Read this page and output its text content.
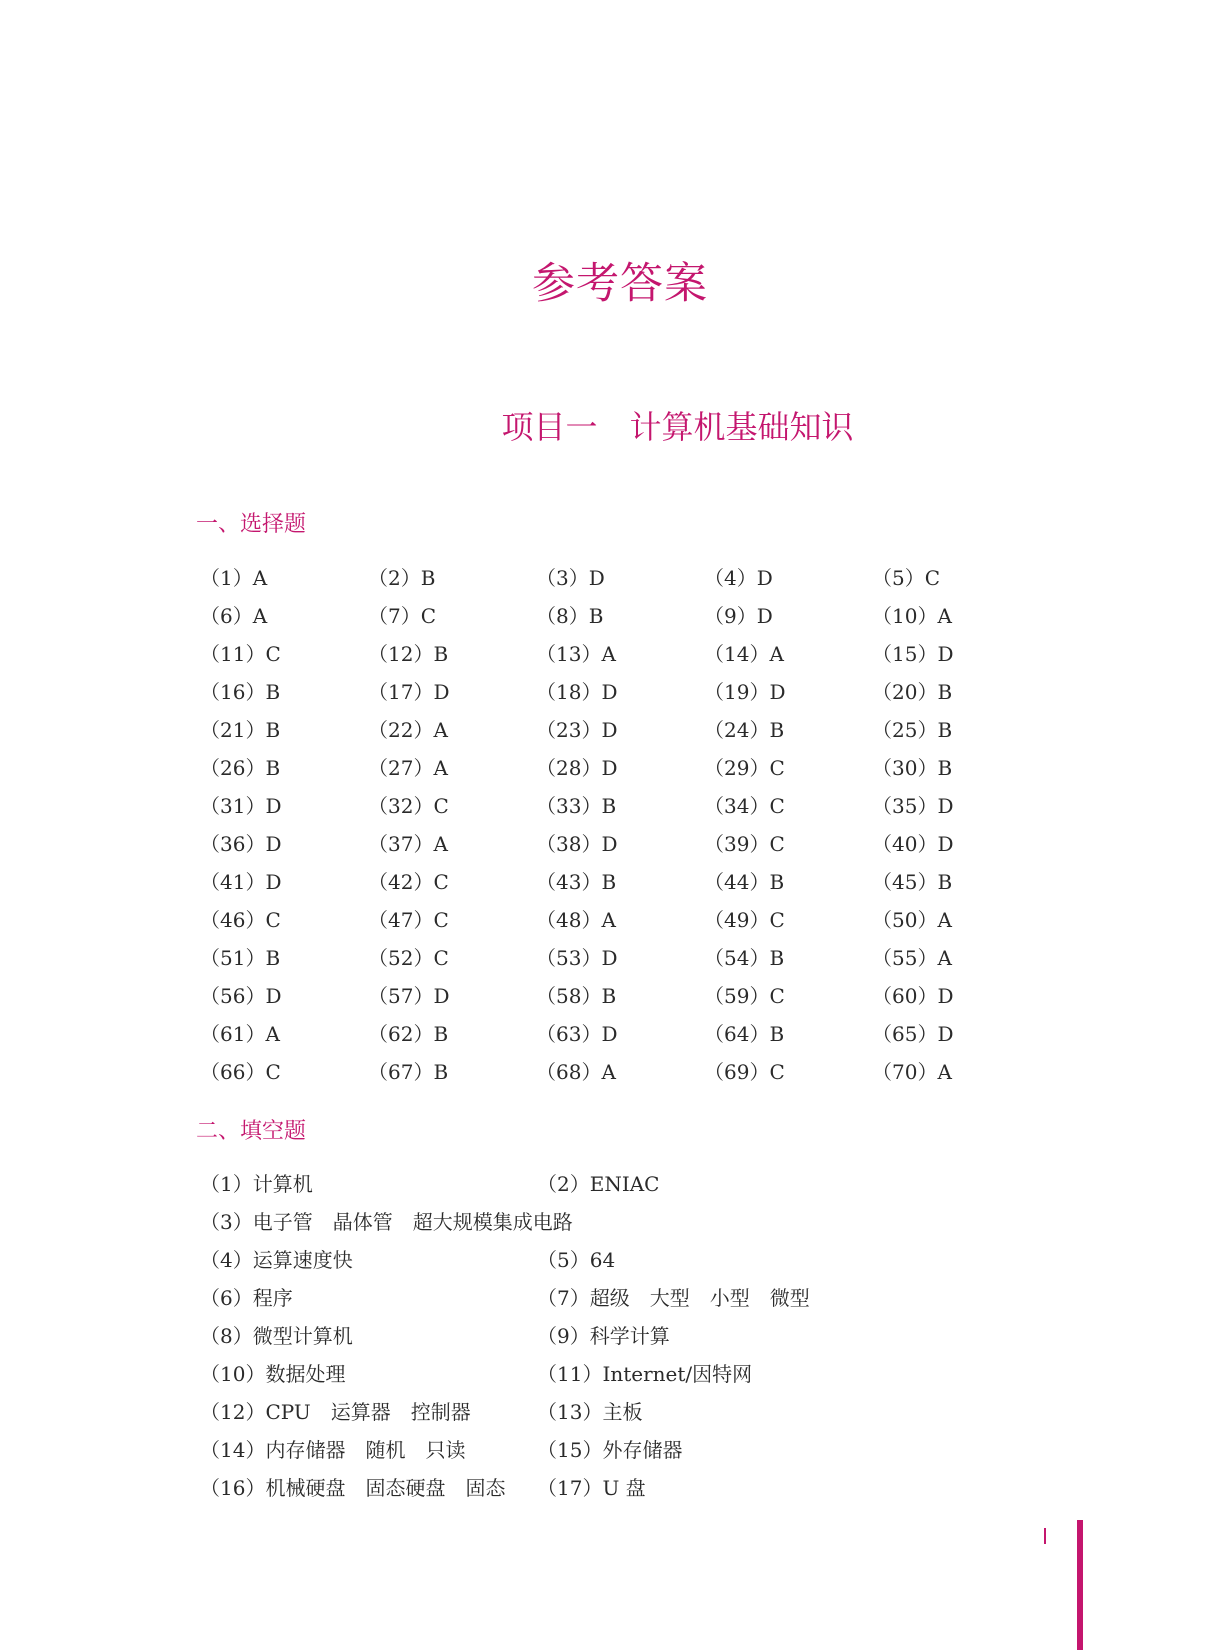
参考答案
项目一　计算机基础知识
一、选择题
（1）A	（2）B	（3）D	（4）D	（5）C
（6）A	（7）C	（8）B	（9）D	（10）A
（11）C	（12）B	（13）A	（14）A	（15）D
（16）B	（17）D	（18）D	（19）D	（20）B
（21）B	（22）A	（23）D	（24）B	（25）B
（26）B	（27）A	（28）D	（29）C	（30）B
（31）D	（32）C	（33）B	（34）C	（35）D
（36）D	（37）A	（38）D	（39）C	（40）D
（41）D	（42）C	（43）B	（44）B	（45）B
（46）C	（47）C	（48）A	（49）C	（50）A
（51）B	（52）C	（53）D	（54）B	（55）A
（56）D	（57）D	（58）B	（59）C	（60）D
（61）A	（62）B	（63）D	（64）B	（65）D
（66）C	（67）B	（68）A	（69）C	（70）A
二、填空题
（1）计算机	（2）ENIAC
（3）电子管　晶体管　超大规模集成电路
（4）运算速度快	（5）64
（6）程序	（7）超级　大型　小型　微型
（8）微型计算机	（9）科学计算
（10）数据处理	（11）Internet/因特网
（12）CPU　运算器　控制器	（13）主板
（14）内存储器　随机　只读	（15）外存储器
（16）机械硬盘　固态硬盘　固态 （17）U 盘
